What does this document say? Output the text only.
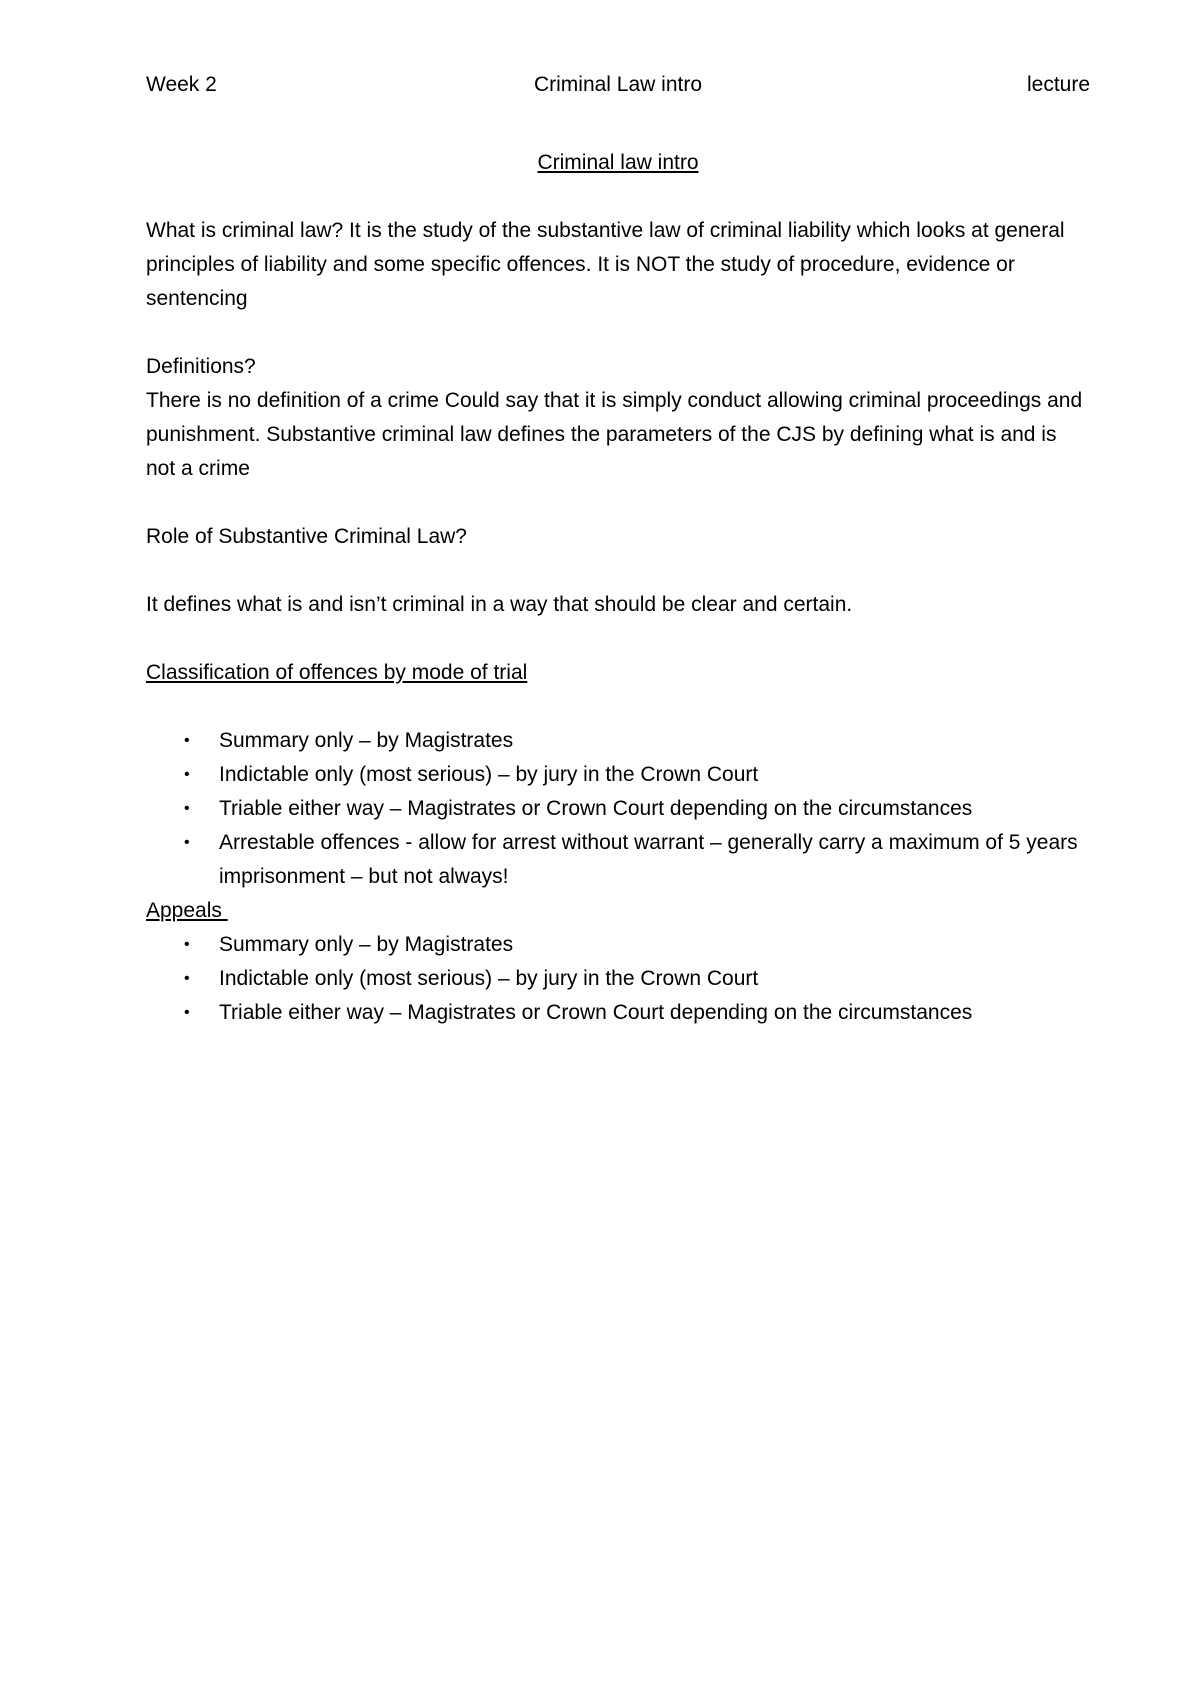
Week 2	Criminal Law intro	lecture
Criminal law intro
What is criminal law? It is the study of the substantive law of criminal liability which looks at general principles of liability and some specific offences. It is NOT the study of procedure, evidence or sentencing
Definitions?
There is no definition of a crime Could say that it is simply conduct allowing criminal proceedings and punishment. Substantive criminal law defines the parameters of the CJS by defining what is and is not a crime
Role of Substantive Criminal Law?
It defines what is and isn’t criminal in a way that should be clear and certain.
Classification of offences by mode of trial
• Summary only – by Magistrates
• Indictable only (most serious) – by jury in the Crown Court
• Triable either way – Magistrates or Crown Court depending on the circumstances
• Arrestable offences - allow for arrest without warrant – generally carry a maximum of 5 years imprisonment – but not always!
Appeals
• Summary only – by Magistrates
• Indictable only (most serious) – by jury in the Crown Court
• Triable either way – Magistrates or Crown Court depending on the circumstances
